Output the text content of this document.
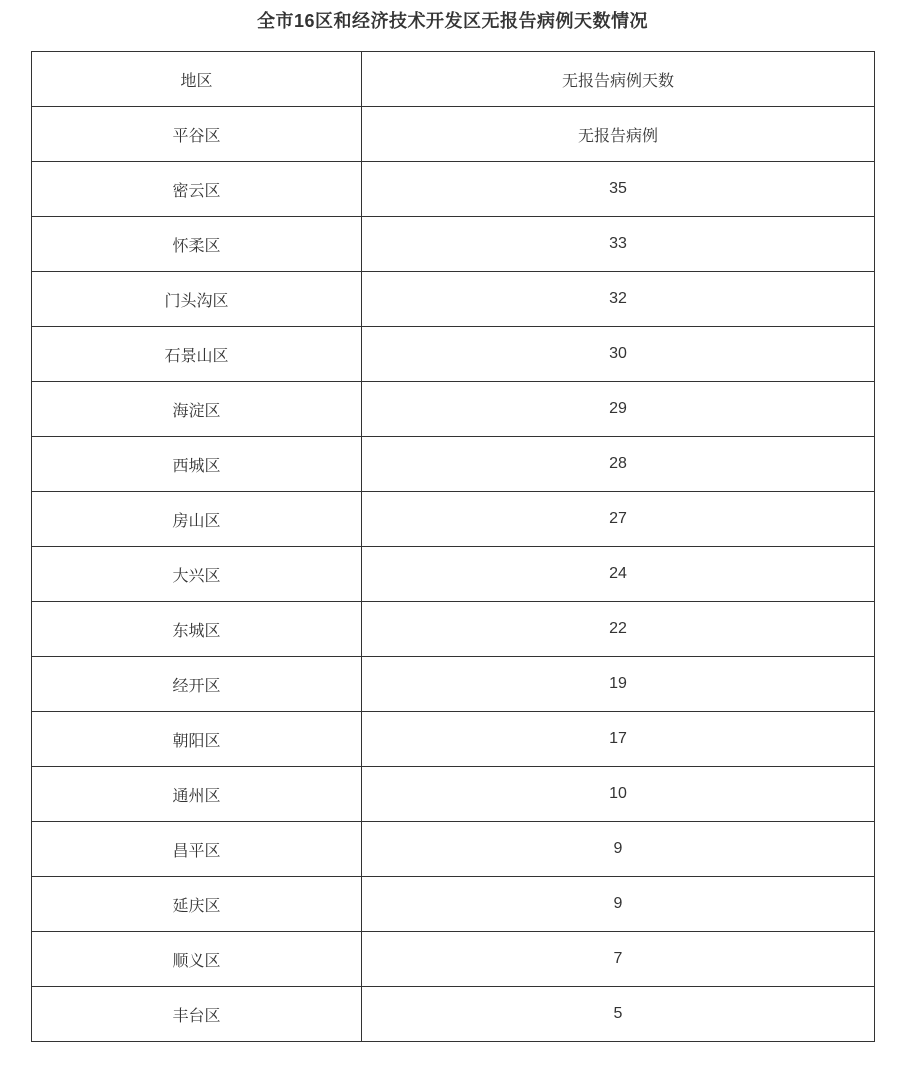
全市16区和经济技术开发区无报告病例天数情况
地区	无报告病例天数
平谷区	无报告病例
密云区	35
怀柔区	33
门头沟区	32
石景山区	30
海淀区	29
西城区	28
房山区	27
大兴区	24
东城区	22
经开区	19
朝阳区	17
通州区	10
昌平区	9
延庆区	9
顺义区	7
丰台区	5
